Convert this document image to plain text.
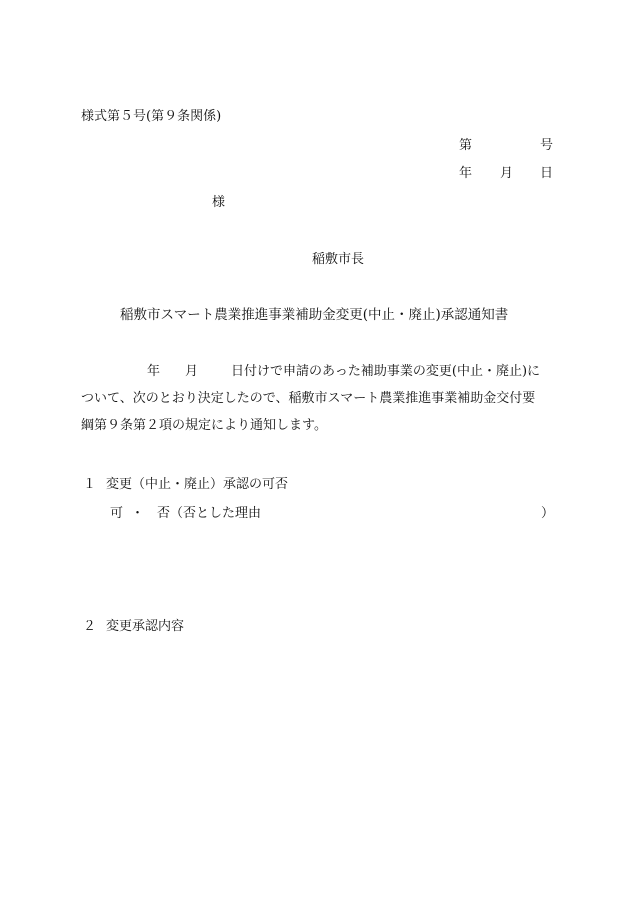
様式第５号(第９条関係)
第	号
年 月 日
様
稲敷市長
稲敷市スマート農業推進事業補助金変更(中止・廃止)承認通知書
年 月	日付けで申請のあった補助事業の変更(中止・廃止)に
ついて、次のとおり決定したので、稲敷市スマート農業推進事業補助金交付要
綱第９条第２項の規定により通知します。
１ 変更（中止・廃止）承認の可否
可 ・ 否 （否とした理由	）
２ 変更承認内容
